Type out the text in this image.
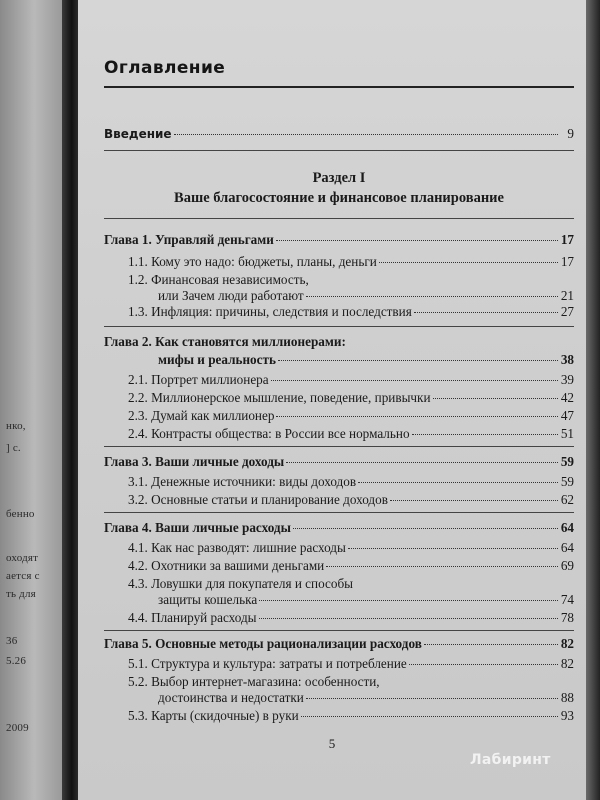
нко,
] с.
бенно
оходят
ается с
ть для
36
5.26
2009
Оглавление
Введение	9
Раздел I
Ваше благосостояние и финансовое планирование
Глава 1. Управляй деньгами	17
1.1. Кому это надо: бюджеты, планы, деньги	17
1.2. Финансовая независимость,
или Зачем люди работают	21
1.3. Инфляция: причины, следствия и последствия	27
Глава 2. Как становятся миллионерами:
мифы и реальность	38
2.1. Портрет миллионера	39
2.2. Миллионерское мышление, поведение, привычки	42
2.3. Думай как миллионер	47
2.4. Контрасты общества: в России все нормально	51
Глава 3. Ваши личные доходы	59
3.1. Денежные источники: виды доходов	59
3.2. Основные статьи и планирование доходов	62
Глава 4. Ваши личные расходы	64
4.1. Как нас разводят: лишние расходы	64
4.2. Охотники за вашими деньгами	69
4.3. Ловушки для покупателя и способы
защиты кошелька	74
4.4. Планируй расходы	78
Глава 5. Основные методы рационализации расходов	82
5.1. Структура и культура: затраты и потребление	82
5.2. Выбор интернет-магазина: особенности,
достоинства и недостатки	88
5.3. Карты (скидочные) в руки	93
5
Лабиринт
